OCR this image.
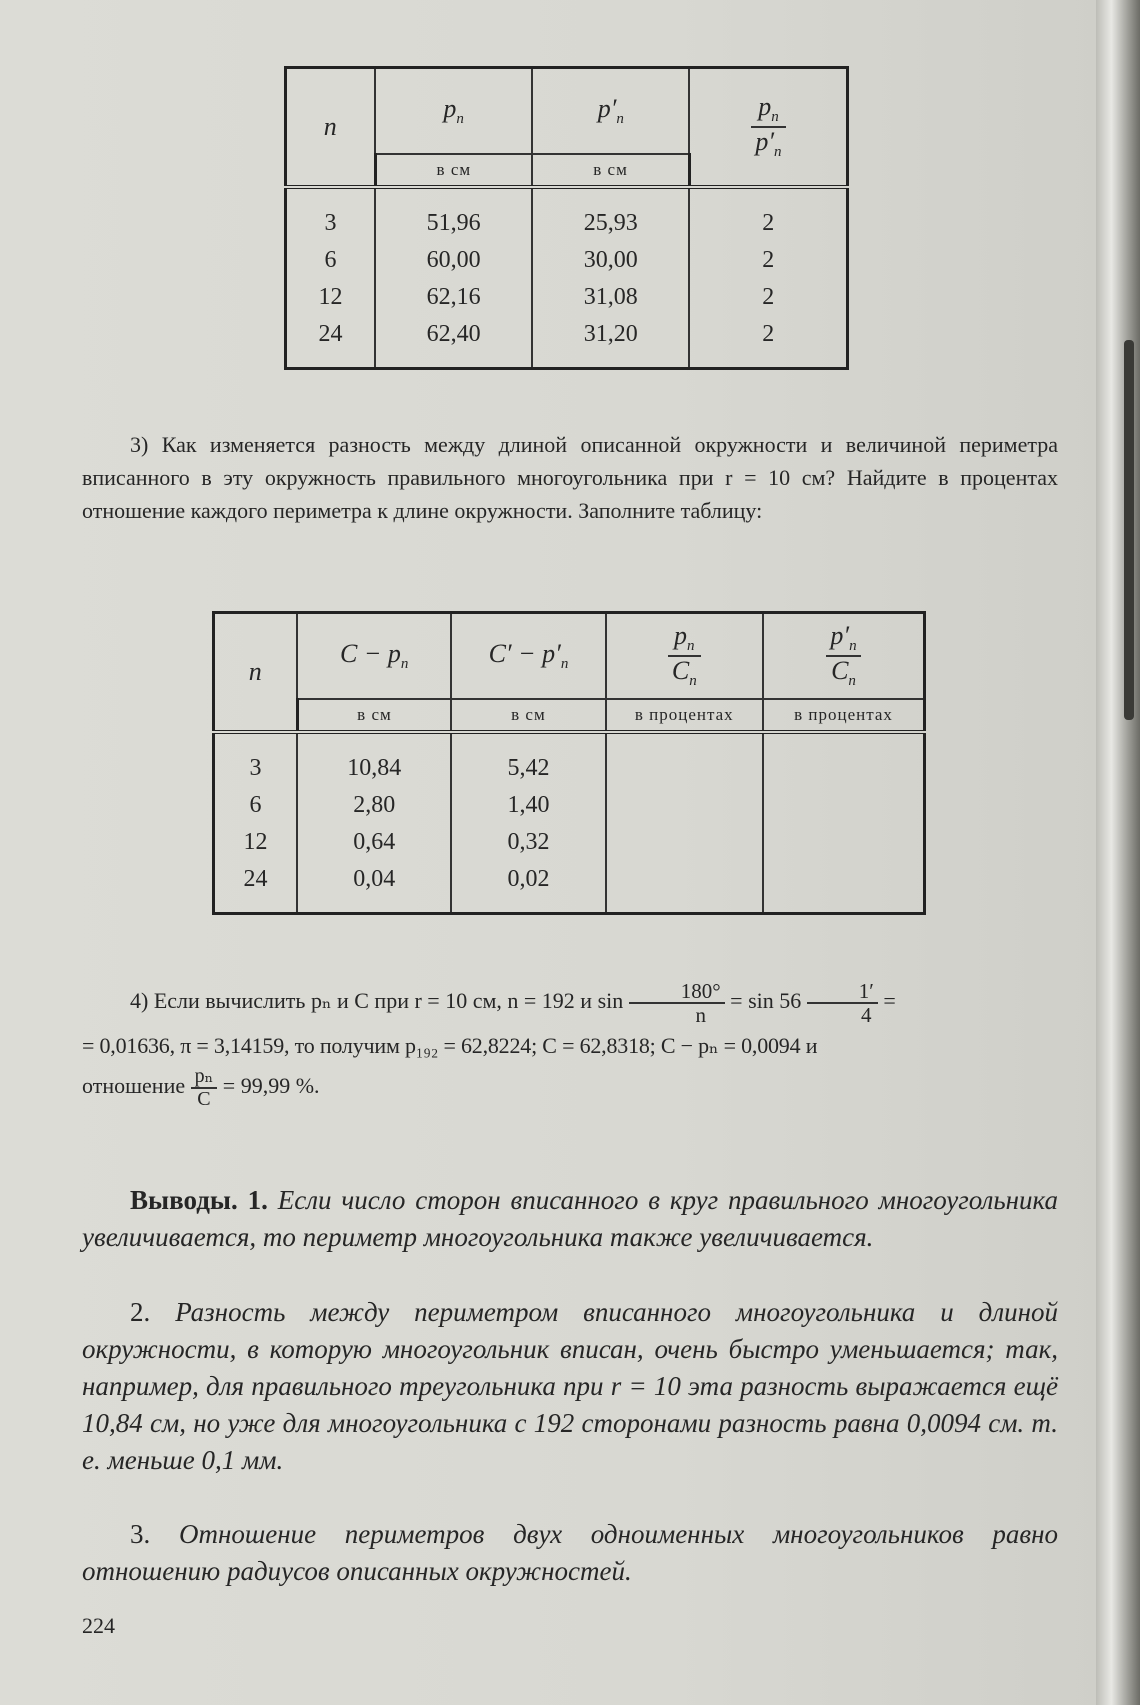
n	$p_n$	$p'_n$	$\frac{p_n}{p'_n}$

	в см	в см	
3	51,96	25,93	2
6	60,00	30,00	2
12	62,16	31,08	2
24	62,40	31,20	2
3) Как изменяется разность между длиной описанной окружности и величиной периметра вписанного в эту окружность правильного многоугольника при r = 10 см? Найдите в процентах отношение каждого периметра к длине окружности. Заполните таблицу:
n	$C - p_n$	$C' - p'_n$	$\frac{p_n}{C_n}$	$\frac{p'_n}{C_n}$

	в см	в см	в процентах	в процентах
3	10,84	5,42		
6	2,80	1,40		
12	0,64	0,32		
24	0,04	0,02		
4) Если вычислить pₙ и C при r = 10 см, n = 192 и $\sin \frac{180^\circ}{n} = \sin 56 \frac{1'}{4}$ =
= 0,01636, π = 3,14159, то получим p₁₉₂ = 62,8224; C = 62,8318; C − pₙ = 0,0094 и
отношение $\frac{\text{pₙ}}{C} = 99,99$ %.
Выводы. 1. Если число сторон вписанного в круг правильного многоугольника увеличивается, то периметр многоугольника также увеличивается.
2. Разность между периметром вписанного многоугольника и длиной окружности, в которую многоугольник вписан, очень быстро уменьшается; так, например, для правильного треугольника при r = 10 эта разность выражается ещё 10,84 см, но уже для многоугольника с 192 сторонами разность равна 0,0094 см. т. е. меньше 0,1 мм.
3. Отношение периметров двух одноименных многоугольников равно отношению радиусов описанных окружностей.
224
